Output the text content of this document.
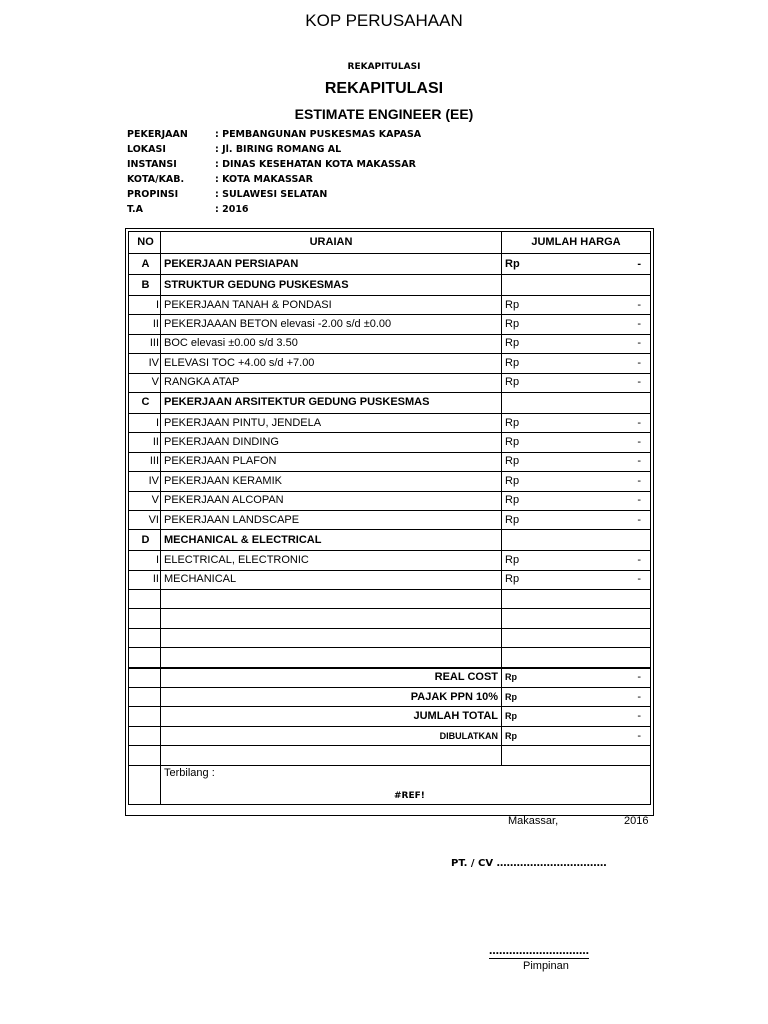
KOP PERUSAHAAN
REKAPITULASI
REKAPITULASI
ESTIMATE ENGINEER (EE)
PEKERJAAN	: PEMBANGUNAN PUSKESMAS KAPASA
LOKASI	: Jl. BIRING ROMANG AL
INSTANSI	: DINAS KESEHATAN KOTA MAKASSAR
KOTA/KAB.	: KOTA MAKASSAR
PROPINSI	: SULAWESI SELATAN
T.A	: 2016
NO	URAIAN	JUMLAH HARGA
A	PEKERJAAN PERSIAPAN	Rp -

B	STRUKTUR GEDUNG PUSKESMAS	

I	PEKERJAAN TANAH & PONDASI	Rp -

II	PEKERJAAAN BETON elevasi -2.00 s/d ±0.00	Rp -

III	BOC elevasi ±0.00 s/d 3.50	Rp -

IV	ELEVASI TOC +4.00 s/d +7.00	Rp -

V	RANGKA ATAP	Rp -

C	PEKERJAAN ARSITEKTUR GEDUNG PUSKESMAS	

I	PEKERJAAN PINTU, JENDELA	Rp -

II	PEKERJAAN DINDING	Rp -

III	PEKERJAAN PLAFON	Rp -

IV	PEKERJAAN KERAMIK	Rp -

V	PEKERJAAN ALCOPAN	Rp -

VI	PEKERJAAN LANDSCAPE	Rp -

D	MECHANICAL & ELECTRICAL	

I	ELECTRICAL, ELECTRONIC	Rp -

II	MECHANICAL	Rp -

	REAL COST	Rp -

	PAJAK PPN 10%	Rp -

	JUMLAH TOTAL	Rp -

	DIBULATKAN	Rp -

	Terbilang :
#REF!	
Makassar,	2016
PT. / CV ……………………………
…………………………
Pimpinan
